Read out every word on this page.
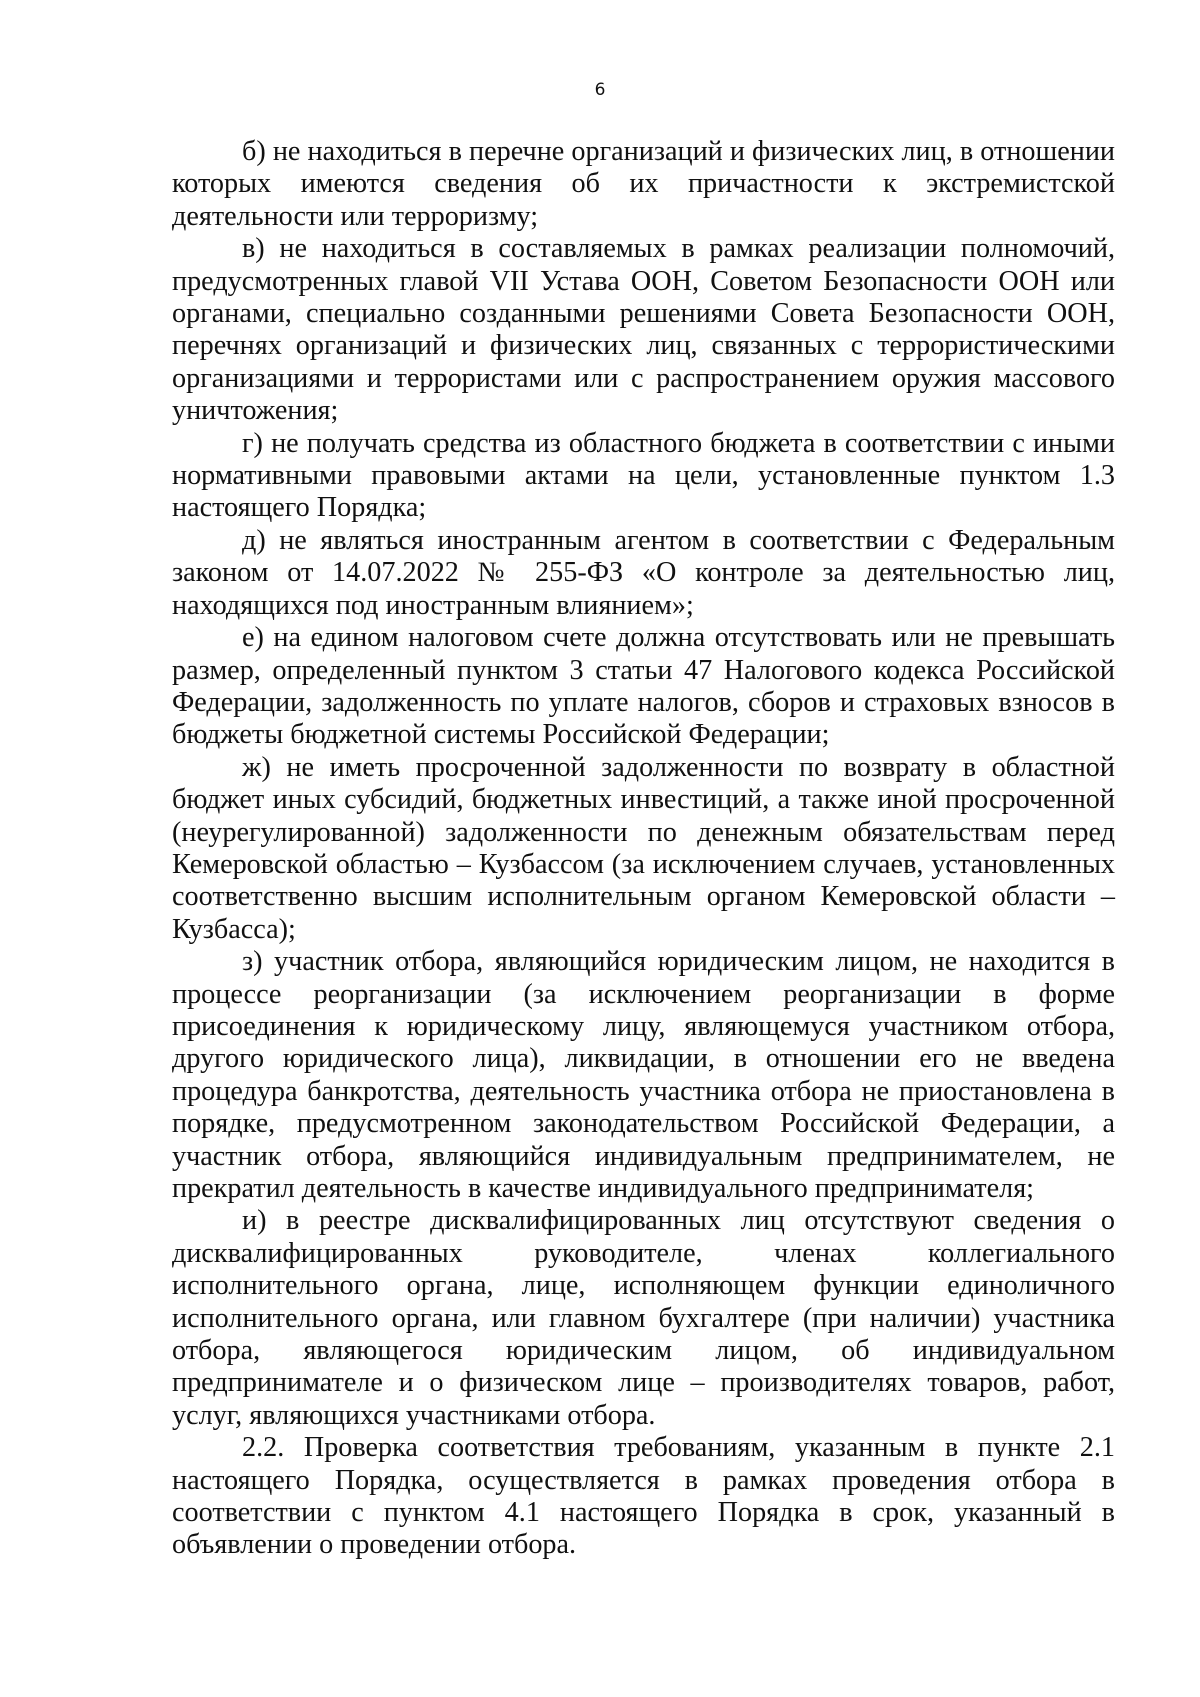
6

б) не находиться в перечне организаций и физических лиц, в отношении которых имеются сведения об их причастности к экстремистской деятельности или терроризму;

в) не находиться в составляемых в рамках реализации полномочий, предусмотренных главой VII Устава ООН, Советом Безопасности ООН или органами, специально созданными решениями Совета Безопасности ООН, перечнях организаций и физических лиц, связанных с террористическими организациями и террористами или с распространением оружия массового уничтожения;

г) не получать средства из областного бюджета в соответствии с иными нормативными правовыми актами на цели, установленные пунктом 1.3 настоящего Порядка;

д) не являться иностранным агентом в соответствии с Федеральным законом от 14.07.2022 № 255-ФЗ «О контроле за деятельностью лиц, находящихся под иностранным влиянием»;

е) на едином налоговом счете должна отсутствовать или не превышать размер, определенный пунктом 3 статьи 47 Налогового кодекса Российской Федерации, задолженность по уплате налогов, сборов и страховых взносов в бюджеты бюджетной системы Российской Федерации;

ж) не иметь просроченной задолженности по возврату в областной бюджет иных субсидий, бюджетных инвестиций, а также иной просроченной (неурегулированной) задолженности по денежным обязательствам перед Кемеровской областью – Кузбассом (за исключением случаев, установленных соответственно высшим исполнительным органом Кемеровской области – Кузбасса);

з) участник отбора, являющийся юридическим лицом, не находится в процессе реорганизации (за исключением реорганизации в форме присоединения к юридическому лицу, являющемуся участником отбора, другого юридического лица), ликвидации, в отношении его не введена процедура банкротства, деятельность участника отбора не приостановлена в порядке, предусмотренном законодательством Российской Федерации, а участник отбора, являющийся индивидуальным предпринимателем, не прекратил деятельность в качестве индивидуального предпринимателя;

и) в реестре дисквалифицированных лиц отсутствуют сведения о дисквалифицированных руководителе, членах коллегиального исполнительного органа, лице, исполняющем функции единоличного исполнительного органа, или главном бухгалтере (при наличии) участника отбора, являющегося юридическим лицом, об индивидуальном предпринимателе и о физическом лице – производителях товаров, работ, услуг, являющихся участниками отбора.

2.2. Проверка соответствия требованиям, указанным в пункте 2.1 настоящего Порядка, осуществляется в рамках проведения отбора в соответствии с пунктом 4.1 настоящего Порядка в срок, указанный в объявлении о проведении отбора.
